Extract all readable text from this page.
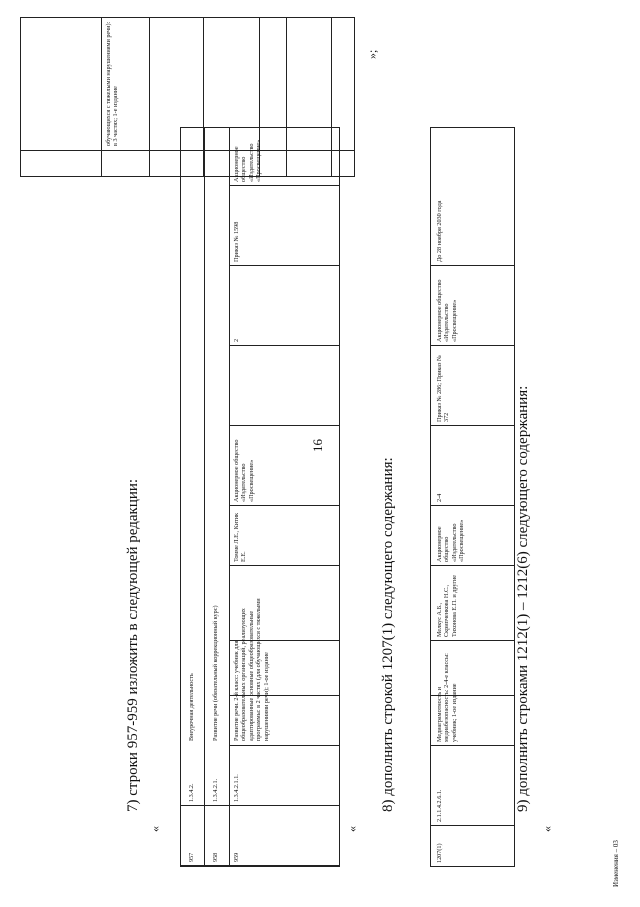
16
обучающихся с тяжелыми нарушениями речи): в 3 частях; 1-е издание
»;
«
7) строки 957-959 изложить в следующей редакции:
957
1.3.4.2.
Внеурочная деятельность
958
1.3.4.2.1.
Развитие речи (обязательный коррекционный курс)
959
1.3.4.2.1.1.
Развитие речи. 2-й класс: учебник для общеобразовательных организаций, реализующих адаптированные основные общеобразовательные программы: в 2 частях (для обучающихся с тяжелыми нарушениями речи); 1-ое издание
Томме Л.Е., Китик Е.Е.
Акционерное общество «Издательство «Просвещение»
2
Приказ № 1598
Акционерное общество «Издательство «Просвещение»
«
8) дополнить строкой 1207(1) следующего содержания:
1207(1)
2.1.1.4.2.6.1.
Медиаграмотность и медиабезопасность: 2-4-е классы: учебник; 1-ое издание
Мелкус А.Б., Скрипченкова Н.С., Тихонова Е.П. и другие
Акционерное общество «Издательство «Просвещение»
2-4
Приказ № 286; Приказ № 372
Акционерное общество «Издательство «Просвещение»
До 28 ноября 2030 года
«
9) дополнить строками 1212(1) – 1212(6) следующего содержания:
Изменения – 03
